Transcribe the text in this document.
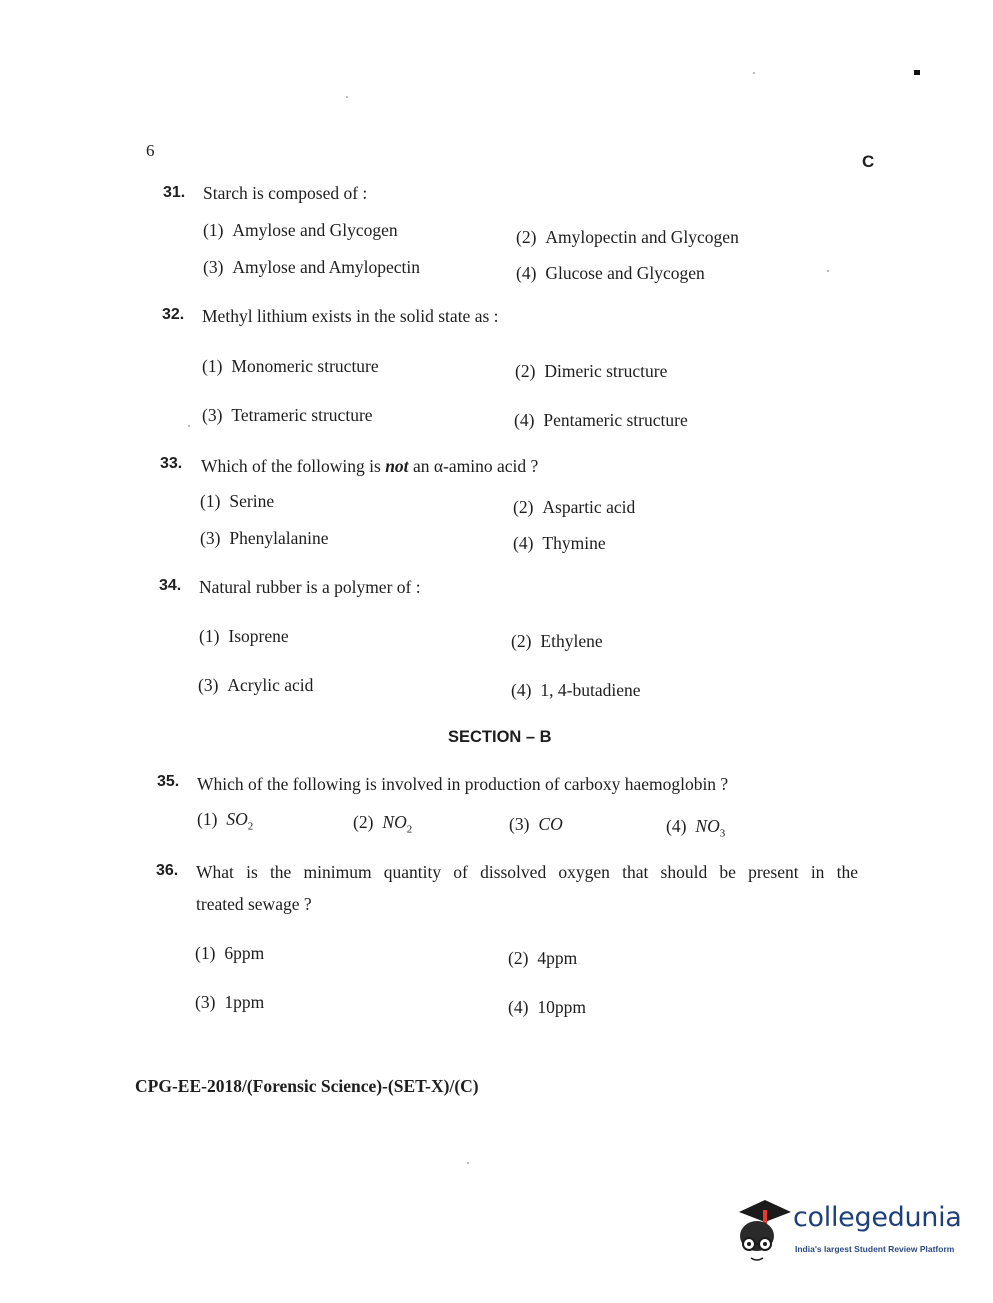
6
C
31. Starch is composed of :
(1) Amylose and Glycogen	(2) Amylopectin and Glycogen
(3) Amylose and Amylopectin	(4) Glucose and Glycogen
32. Methyl lithium exists in the solid state as :
(1) Monomeric structure	(2) Dimeric structure
(3) Tetrameric structure	(4) Pentameric structure
33. Which of the following is not an α-amino acid ?
(1) Serine	(2) Aspartic acid
(3) Phenylalanine	(4) Thymine
34. Natural rubber is a polymer of :
(1) Isoprene	(2) Ethylene
(3) Acrylic acid	(4) 1, 4-butadiene
SECTION – B
35. Which of the following is involved in production of carboxy haemoglobin ?
(1) $SO_2$	(2) $NO_2$	(3) CO	(4) $NO_3$
36. What is the minimum quantity of dissolved oxygen that should be present in the
treated sewage ?
(1) 6ppm	(2) 4ppm
(3) 1ppm	(4) 10ppm
CPG-EE-2018/(Forensic Science)-(SET-X)/(C)
collegedunia
India's largest Student Review Platform
